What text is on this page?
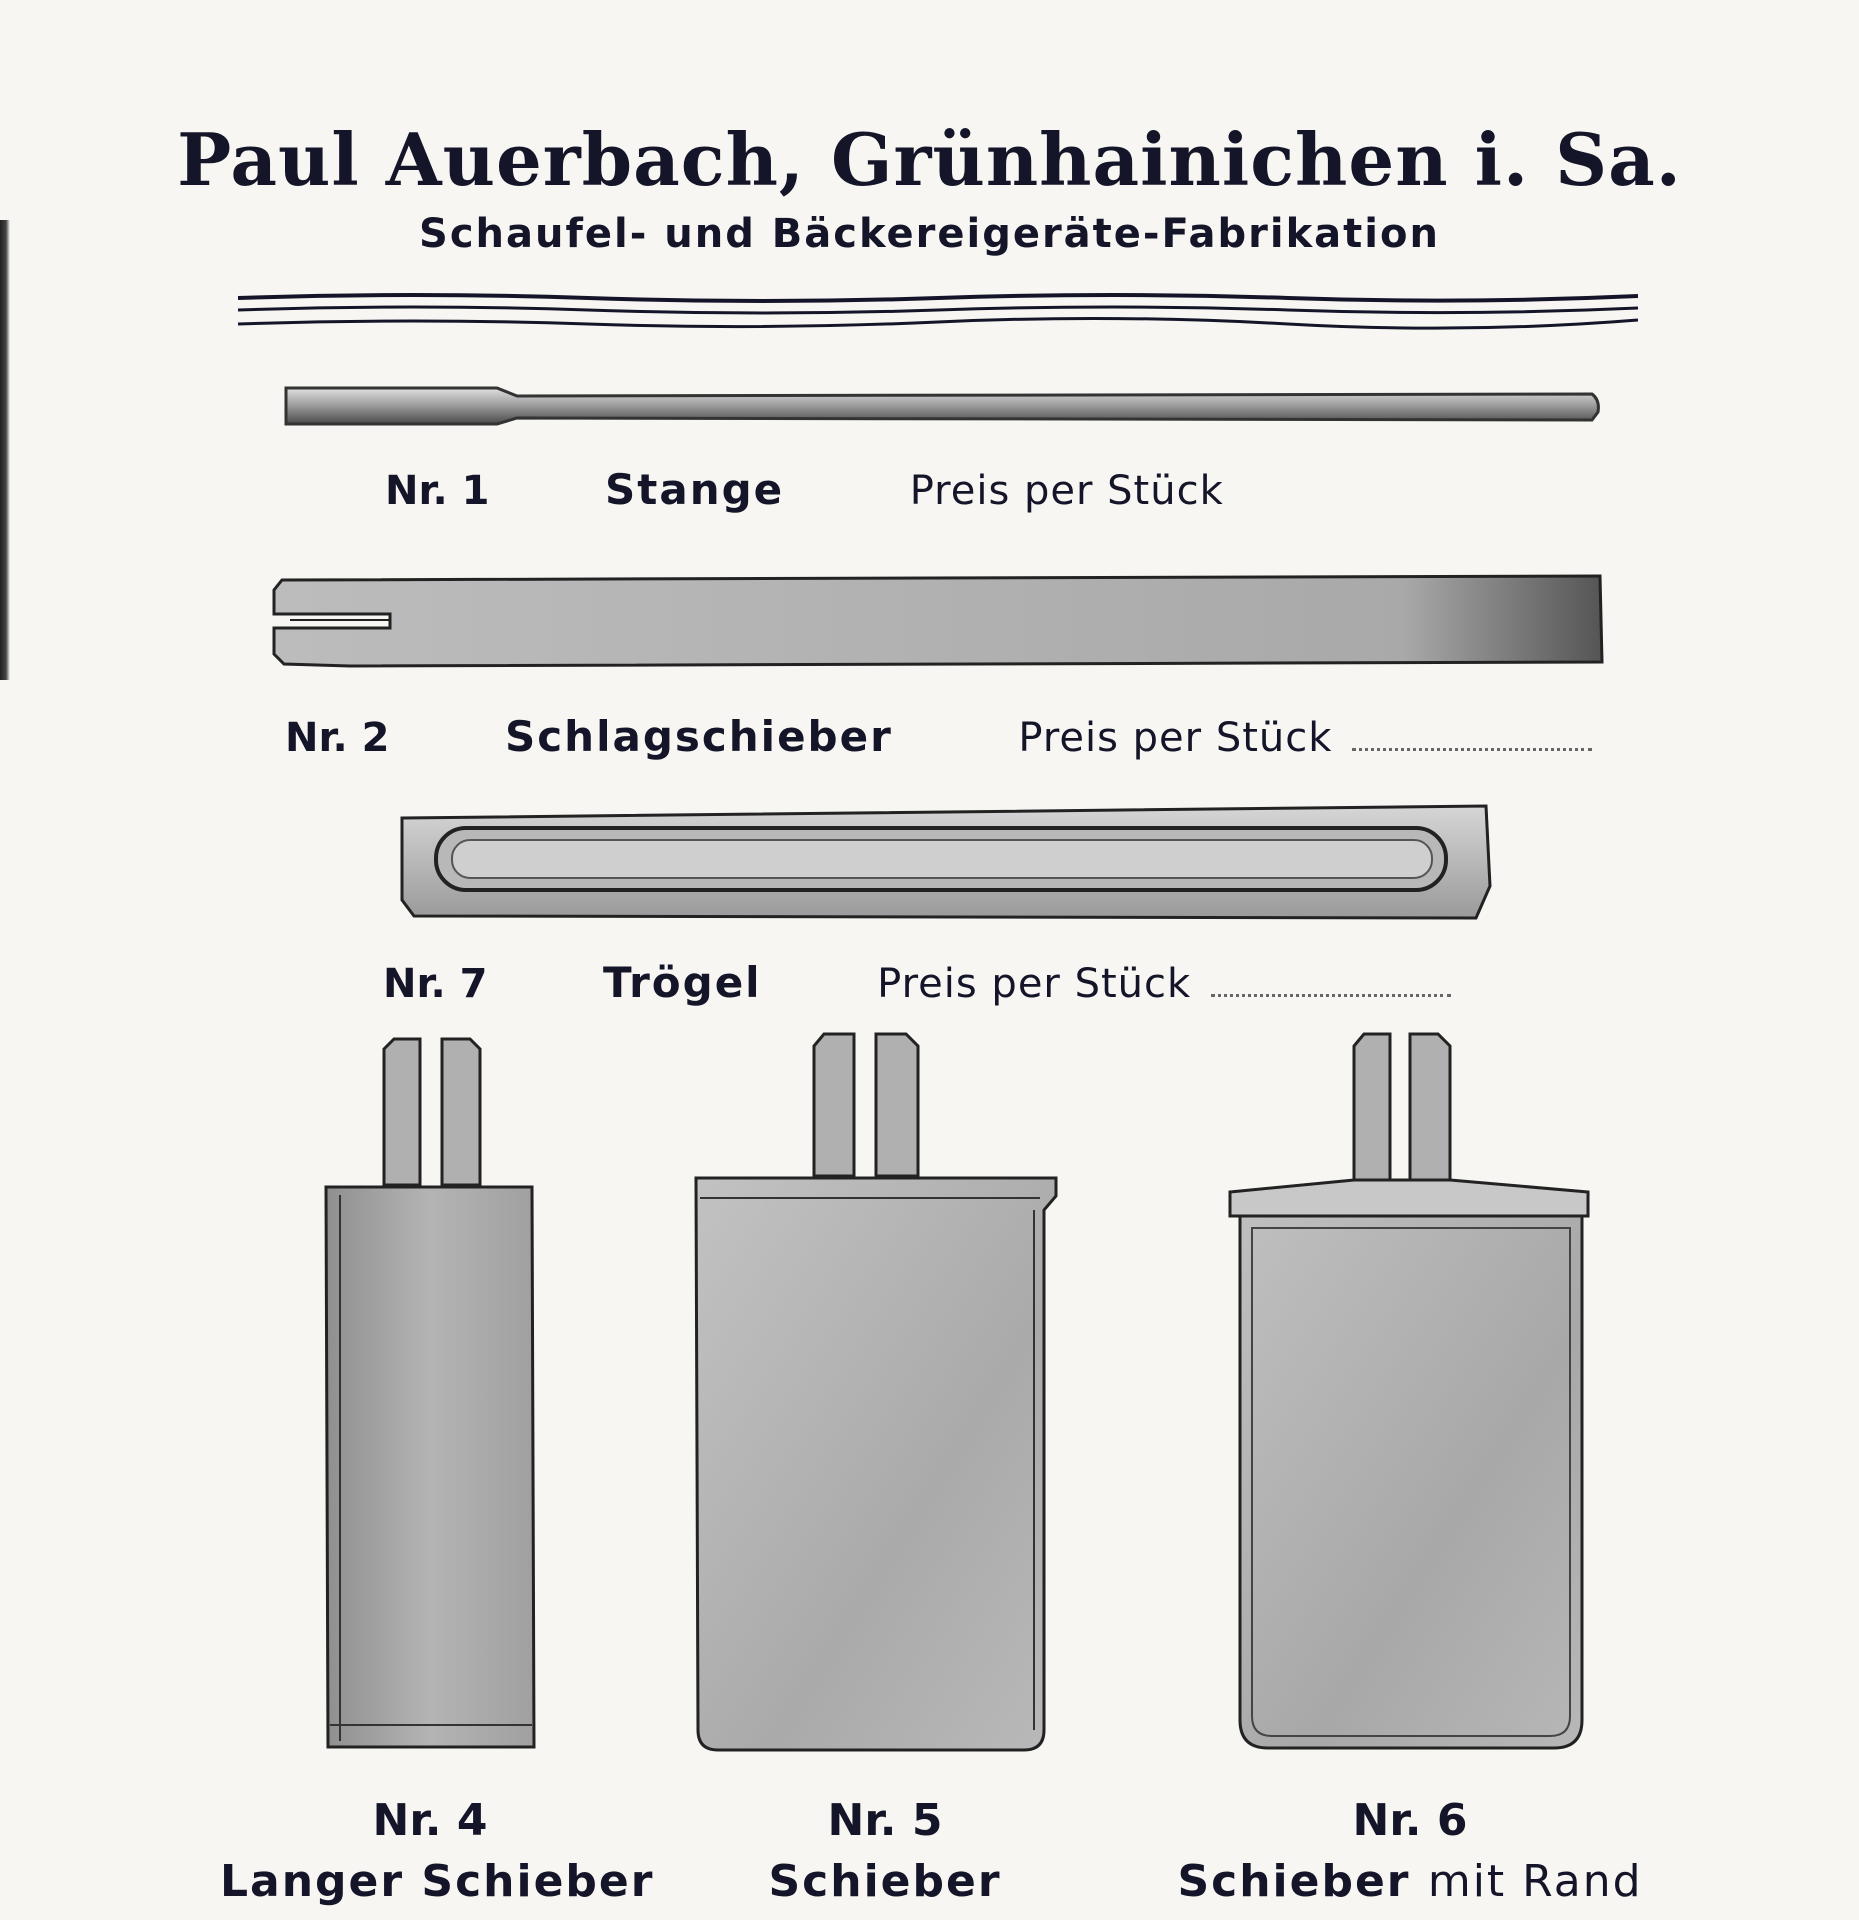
Paul Auerbach, Grünhainichen i. Sa.
Schaufel- und Bäckereigeräte-Fabrikation
Nr. 1	Stange	Preis per Stück
Nr. 2	Schlagschieber	Preis per Stück
Nr. 7	Trögel	Preis per Stück
Nr. 4
Langer Schieber
Nr. 5
Schieber
Nr. 6
Schieber mit Rand
